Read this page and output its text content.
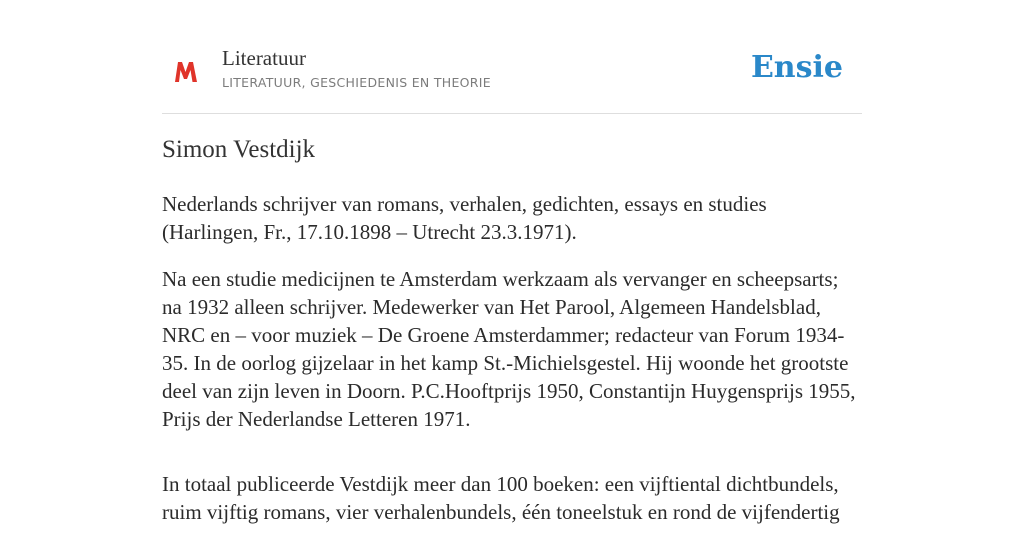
Literatuur
LITERATUUR, GESCHIEDENIS EN THEORIE	Ensie
Simon Vestdijk

Nederlands schrijver van romans, verhalen, gedichten, essays en studies (Harlingen, Fr., 17.10.1898 – Utrecht 23.3.1971).

Na een studie medicijnen te Amsterdam werkzaam als vervanger en scheepsarts; na 1932 alleen schrijver. Medewerker van Het Parool, Algemeen Handelsblad, NRC en – voor muziek – De Groene Amsterdammer; redacteur van Forum 1934-35. In de oorlog gijzelaar in het kamp St.-Michielsgestel. Hij woonde het grootste deel van zijn leven in Doorn. P.C.Hooftprijs 1950, Constantijn Huygensprijs 1955, Prijs der Nederlandse Letteren 1971.

In totaal publiceerde Vestdijk meer dan 100 boeken: een vijftiental dichtbundels, ruim vijftig romans, vier verhalenbundels, één toneelstuk en rond de vijfendertig
